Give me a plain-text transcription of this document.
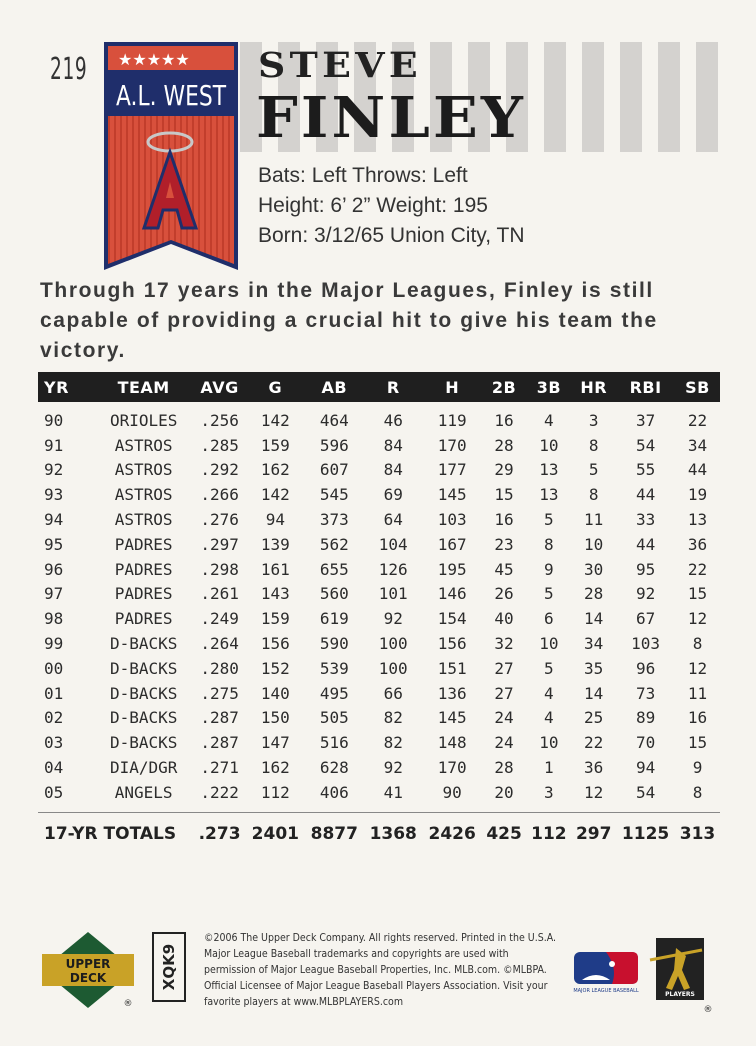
219 ★★★★★
A.L. WEST
STEVE
FINLEY
Bats: Left Throws: Left
Height: 6’ 2” Weight: 195
Born: 3/12/65 Union City, TN
Through 17 years in the Major Leagues, Finley is still capable of providing a crucial hit to give his team the victory.
YR	TEAM	AVG	G	AB	R	H	2B	3B	HR	RBI	SB
90	ORIOLES	.256	142	464	46	119	16	4	3	37	22
91	ASTROS	.285	159	596	84	170	28	10	8	54	34
92	ASTROS	.292	162	607	84	177	29	13	5	55	44
93	ASTROS	.266	142	545	69	145	15	13	8	44	19
94	ASTROS	.276	94	373	64	103	16	5	11	33	13
95	PADRES	.297	139	562	104	167	23	8	10	44	36
96	PADRES	.298	161	655	126	195	45	9	30	95	22
97	PADRES	.261	143	560	101	146	26	5	28	92	15
98	PADRES	.249	159	619	92	154	40	6	14	67	12
99	D-BACKS	.264	156	590	100	156	32	10	34	103	8
00	D-BACKS	.280	152	539	100	151	27	5	35	96	12
01	D-BACKS	.275	140	495	66	136	27	4	14	73	11
02	D-BACKS	.287	150	505	82	145	24	4	25	89	16
03	D-BACKS	.287	147	516	82	148	24	10	22	70	15
04	DIA/DGR	.271	162	628	92	170	28	1	36	94	9
05	ANGELS	.222	112	406	41	90	20	3	12	54	8
17-YR TOTALS		.273	2401	8877	1368	2426	425	112	297	1125	313
UPPER
DECK
®
XQK9
©2006 The Upper Deck Company. All rights reserved. Printed in the U.S.A. Major League Baseball trademarks and copyrights are used with permission of Major League Baseball Properties, Inc. MLB.com. ©MLBPA. Official Licensee of Major League Baseball Players Association. Visit your favorite players at www.MLBPLAYERS.com
MAJOR LEAGUE BASEBALL	PLAYERS
®
